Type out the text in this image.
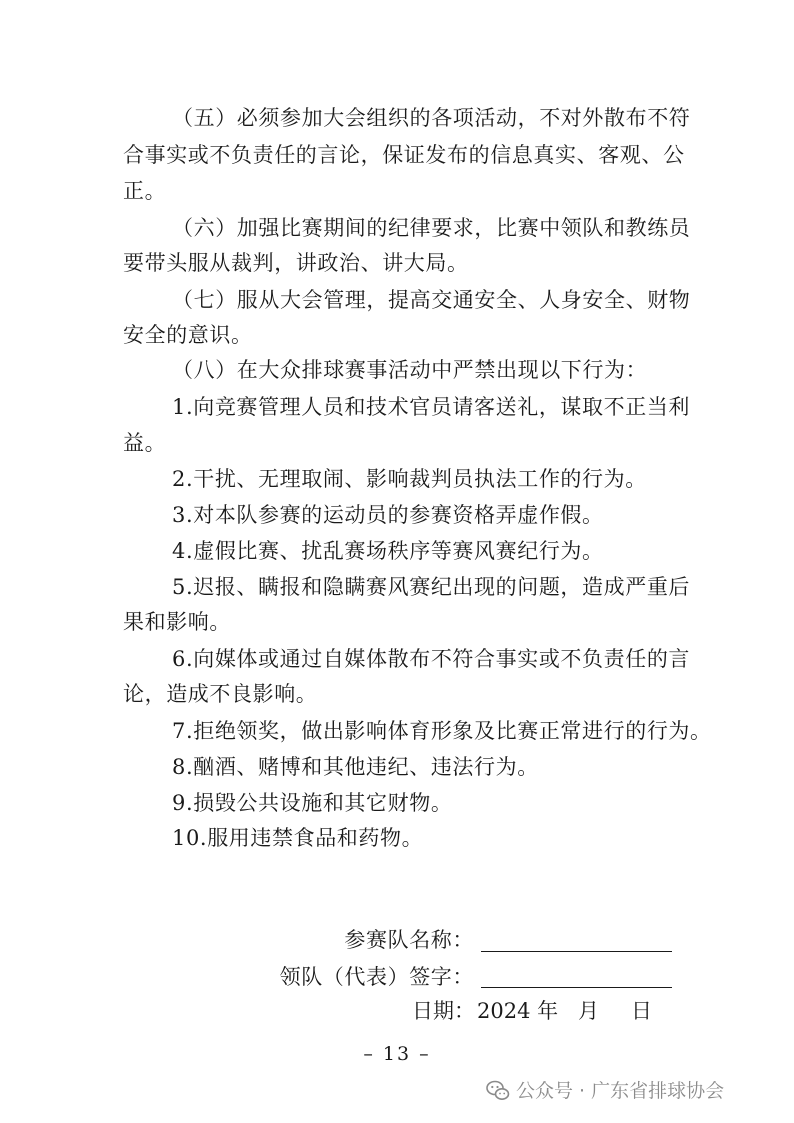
（五）必须参加大会组织的各项活动，不对外散布不符
合事实或不负责任的言论，保证发布的信息真实、客观、公
正。
（六）加强比赛期间的纪律要求，比赛中领队和教练员
要带头服从裁判，讲政治、讲大局。
（七）服从大会管理，提高交通安全、人身安全、财物
安全的意识。
（八）在大众排球赛事活动中严禁出现以下行为：
1.向竞赛管理人员和技术官员请客送礼，谋取不正当利
益。
2.干扰、无理取闹、影响裁判员执法工作的行为。
3.对本队参赛的运动员的参赛资格弄虚作假。
4.虚假比赛、扰乱赛场秩序等赛风赛纪行为。
5.迟报、瞒报和隐瞒赛风赛纪出现的问题，造成严重后
果和影响。
6.向媒体或通过自媒体散布不符合事实或不负责任的言
论，造成不良影响。
7.拒绝领奖，做出影响体育形象及比赛正常进行的行为。
8.酗酒、赌博和其他违纪、违法行为。
9.损毁公共设施和其它财物。
10.服用违禁食品和药物。
参赛队名称：
领队（代表）签字：
日期： 2024 年 月 日
– 13 –
公众号 · 广东省排球协会
